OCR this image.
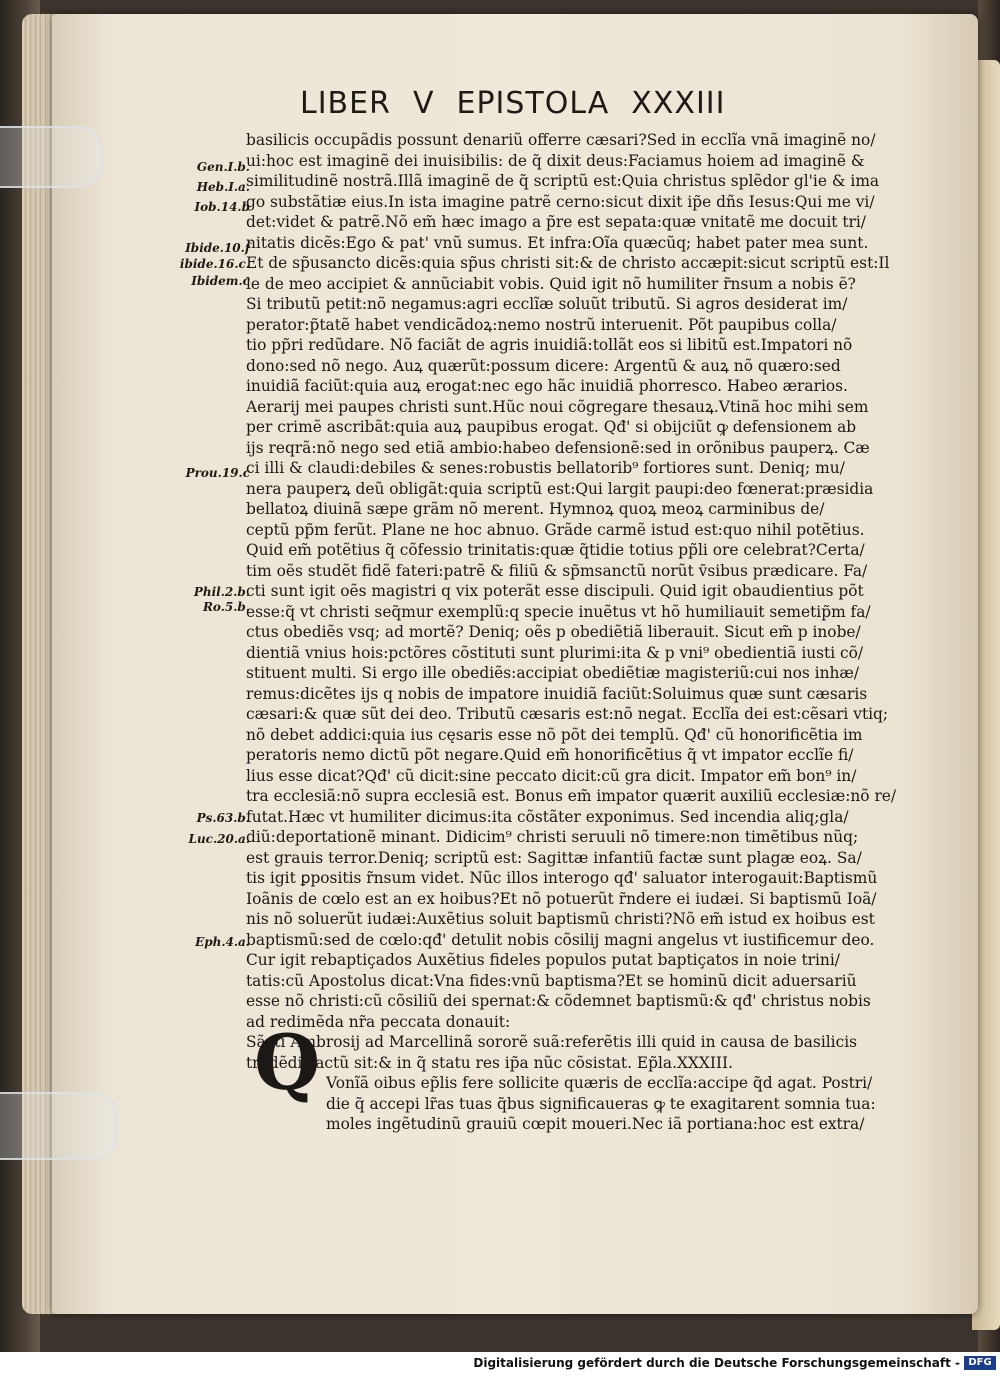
LIBER V EPISTOLA XXXIII
Gen.I.b.
Heb.I.a.
Iob.14.b
Ibide.10.f
ibide.16.c.
Ibidem.c
Prou.19.c
Phil.2.b.
Ro.5.b.
Ps.63.b.
Luc.20.a.
Eph.4.a.
basilicis occupãdis possunt denariũ offerre cæsari?Sed in ecclĩa vnã imaginẽ no/
ui:hoc est imaginẽ dei inuisibilis: de q̃ dixit deus:Faciamus hoiem ad imaginẽ &
similitudinẽ nostrã.Illã imaginẽ de q̃ scriptũ est:Quia christus splẽdor gl'ie & ima
go substãtiæ eius.In ista imagine patrẽ cerno:sicut dixit ip̃e dñs Iesus:Qui me vi/
det:videt & patrẽ.Nõ em̃ hæc imago a p̃re est sepata:quæ vnitatẽ me docuit tri/
nitatis dicẽs:Ego & pat' vnũ sumus. Et infra:Oĩa quæcũq; habet pater mea sunt.
Et de sp̃usancto dicẽs:quia sp̃us christi sit:& de christo accæpit:sicut scriptũ est:Il
le de meo accipiet & annũciabit vobis. Quid igit nõ humiliter r̃nsum a nobis ẽ?
Si tributũ petit:nõ negamus:agri ecclĩæ soluũt tributũ. Si agros desiderat im/
perator:p̃tatẽ habet vendicãdoꝝ:nemo nostrũ interuenit. Põt paupibus colla/
tio pp̃ri redũdare. Nõ faciãt de agris inuidiã:tollãt eos si libitũ est.Impatori nõ
dono:sed nõ nego. Auꝝ quærũt:possum dicere: Argentũ & auꝝ nõ quæro:sed
inuidiã faciũt:quia auꝝ erogat:nec ego hãc inuidiã phorresco. Habeo ærarios.
Aerarij mei paupes christi sunt.Hũc noui cõgregare thesauꝝ.Vtinã hoc mihi sem
per crimẽ ascribãt:quia auꝝ paupibus erogat. Qđ' si obijciũt ꝙ defensionem ab
ijs reqrã:nõ nego sed etiã ambio:habeo defensionẽ:sed in orõnibus pauperꝝ. Cæ
ci illi & claudi:debiles & senes:robustis bellatorib⁹ fortiores sunt. Deniq; mu/
nera pauperꝝ deũ obligãt:quia scriptũ est:Qui largit paupi:deo fœnerat:præsidia
bellatoꝝ diuinã sæpe grãm nõ merent. Hymnoꝝ quoꝝ meoꝝ carminibus de/
ceptũ pp̃m ferũt. Plane ne hoc abnuo. Grãde carmẽ istud est:quo nihil potẽtius.
Quid em̃ potẽtius q̃ cõfessio trinitatis:quæ q̃tidie totius pp̃li ore celebrat?Certa/
tim oẽs studẽt fidẽ fateri:patrẽ & filiũ & sp̃msanctũ norũt v̄sibus prædicare. Fa/
cti sunt igit oẽs magistri q vix poterãt esse discipuli. Quid igit obaudientius põt
esse:q̃ vt christi seq̃mur exemplũ:q specie inuẽtus vt hõ humiliauit semetip̃m fa/
ctus obediẽs vsq; ad mortẽ? Deniq; oẽs p obediẽtiã liberauit. Sicut em̃ p inobe/
dientiã vnius hois:pctõres cõstituti sunt plurimi:ita & p vni⁹ obedientiã iusti cõ/
stituent multi. Si ergo ille obediẽs:accipiat obediẽtiæ magisteriũ:cui nos inhæ/
remus:dicẽtes ijs q nobis de impatore inuidiã faciũt:Soluimus quæ sunt cæsaris
cæsari:& quæ sũt dei deo. Tributũ cæsaris est:nõ negat. Ecclĩa dei est:cẽsari vtiq;
nõ debet addici:quia ius cęsaris esse nõ põt dei templũ. Qđ' cũ honorificẽtia im
peratoris nemo dictũ põt negare.Quid em̃ honorificẽtius q̃ vt impator ecclĩe fi/
lius esse dicat?Qđ' cũ dicit:sine peccato dicit:cũ gra dicit. Impator em̃ bon⁹ in/
tra ecclesiã:nõ supra ecclesiã est. Bonus em̃ impator quærit auxiliũ ecclesiæ:nõ re/
futat.Hæc vt humiliter dicimus:ita cõstãter exponimus. Sed incendia aliq;gla/
diũ:deportationẽ minant. Didicim⁹ christi seruuli nõ timere:non timẽtibus nũq;
est grauis terror.Deniq; scriptũ est: Sagittæ infantiũ factæ sunt plagæ eoꝝ. Sa/
tis igit ꝑpositis r̃nsum videt. Nũc illos interogo qđ' saluator interogauit:Baptismũ
Ioãnis de cœlo est an ex hoibus?Et nõ potuerũt r̃ndere ei iudæi. Si baptismũ Ioã/
nis nõ soluerũt iudæi:Auxẽtius soluit baptismũ christi?Nõ em̃ istud ex hoibus est
baptismũ:sed de cœlo:qđ' detulit nobis cõsilij magni angelus vt iustificemur deo.
Cur igit rebaptiçados Auxẽtius fideles populos putat baptiçatos in noie trini/
tatis:cũ Apostolus dicat:Vna fides:vnũ baptisma?Et se hominũ dicit aduersariũ
esse nõ christi:cũ cõsiliũ dei spernat:& cõdemnet baptismũ:& qđ' christus nobis
ad redimẽda nr̃a peccata donauit:
Sãcti Ambrosij ad Marcellinã sororẽ suã:referẽtis illi quid in causa de basilicis
tradẽdis actũ sit:& in q̃ statu res ip̃a nũc cõsistat. Ep̃la.XXXIII.
Vonĩã oibus ep̃lis fere sollicite quæris de ecclĩa:accipe q̃d agat. Postri/
die q̃ accepi lr̃as tuas q̃bus significaueras ꝙ te exagitarent somnia tua:
moles ingẽtudinũ grauiũ cœpit moueri.Nec iã portiana:hoc est extra/
Q
Digitalisierung gefördert durch die Deutsche Forschungsgemeinschaft - DFG
